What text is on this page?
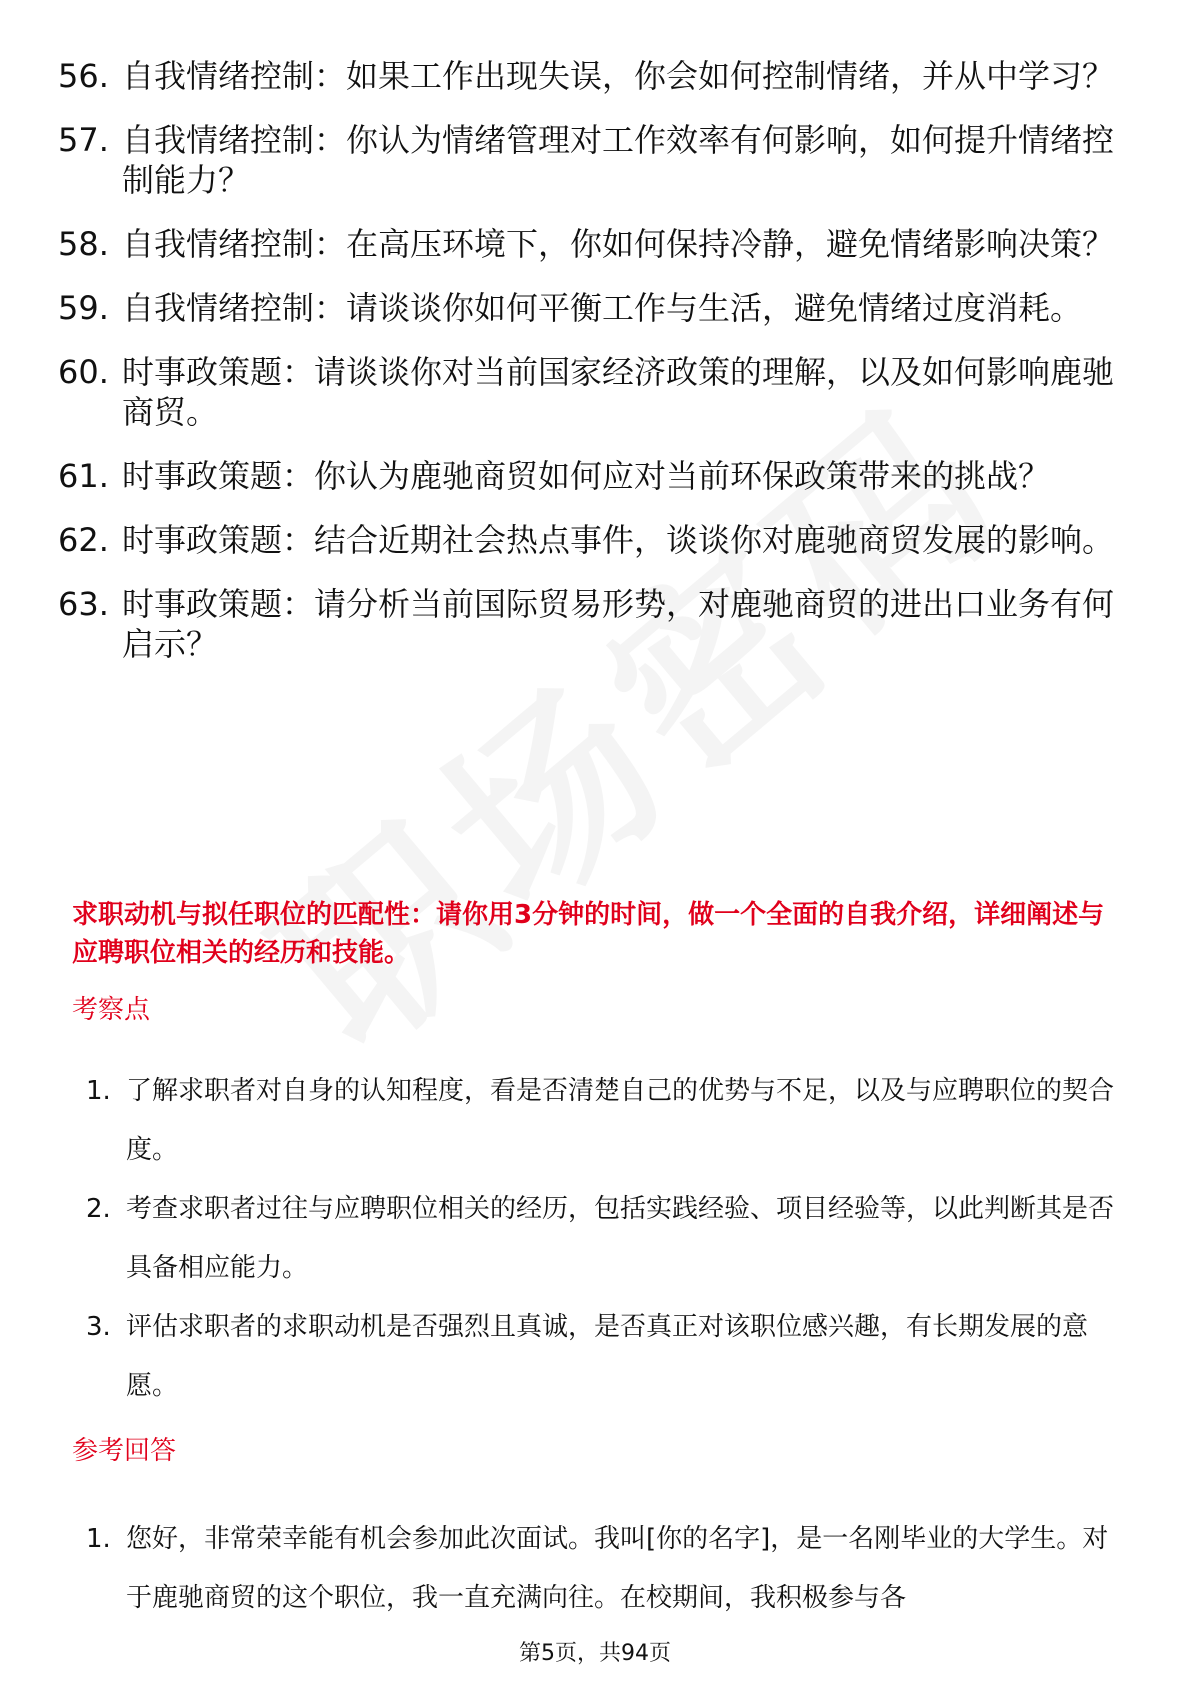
56. 自我情绪控制：如果工作出现失误，你会如何控制情绪，并从中学习？
57. 自我情绪控制：你认为情绪管理对工作效率有何影响，如何提升情绪控制能力？
58. 自我情绪控制：在高压环境下，你如何保持冷静，避免情绪影响决策？
59. 自我情绪控制：请谈谈你如何平衡工作与生活，避免情绪过度消耗。
60. 时事政策题：请谈谈你对当前国家经济政策的理解，以及如何影响鹿驰商贸。
61. 时事政策题：你认为鹿驰商贸如何应对当前环保政策带来的挑战？
62. 时事政策题：结合近期社会热点事件，谈谈你对鹿驰商贸发展的影响。
63. 时事政策题：请分析当前国际贸易形势，对鹿驰商贸的进出口业务有何启示？

求职动机与拟任职位的匹配性：请你用3分钟的时间，做一个全面的自我介绍，详细阐述与应聘职位相关的经历和技能。

考察点

1. 了解求职者对自身的认知程度，看是否清楚自己的优势与不足，以及与应聘职位的契合度。
2. 考查求职者过往与应聘职位相关的经历，包括实践经验、项目经验等，以此判断其是否具备相应能力。
3. 评估求职者的求职动机是否强烈且真诚，是否真正对该职位感兴趣，有长期发展的意愿。

参考回答

1. 您好，非常荣幸能有机会参加此次面试。我叫[你的名字]，是一名刚毕业的大学生。对于鹿驰商贸的这个职位，我一直充满向往。在校期间，我积极参与各
第5页，共94页
